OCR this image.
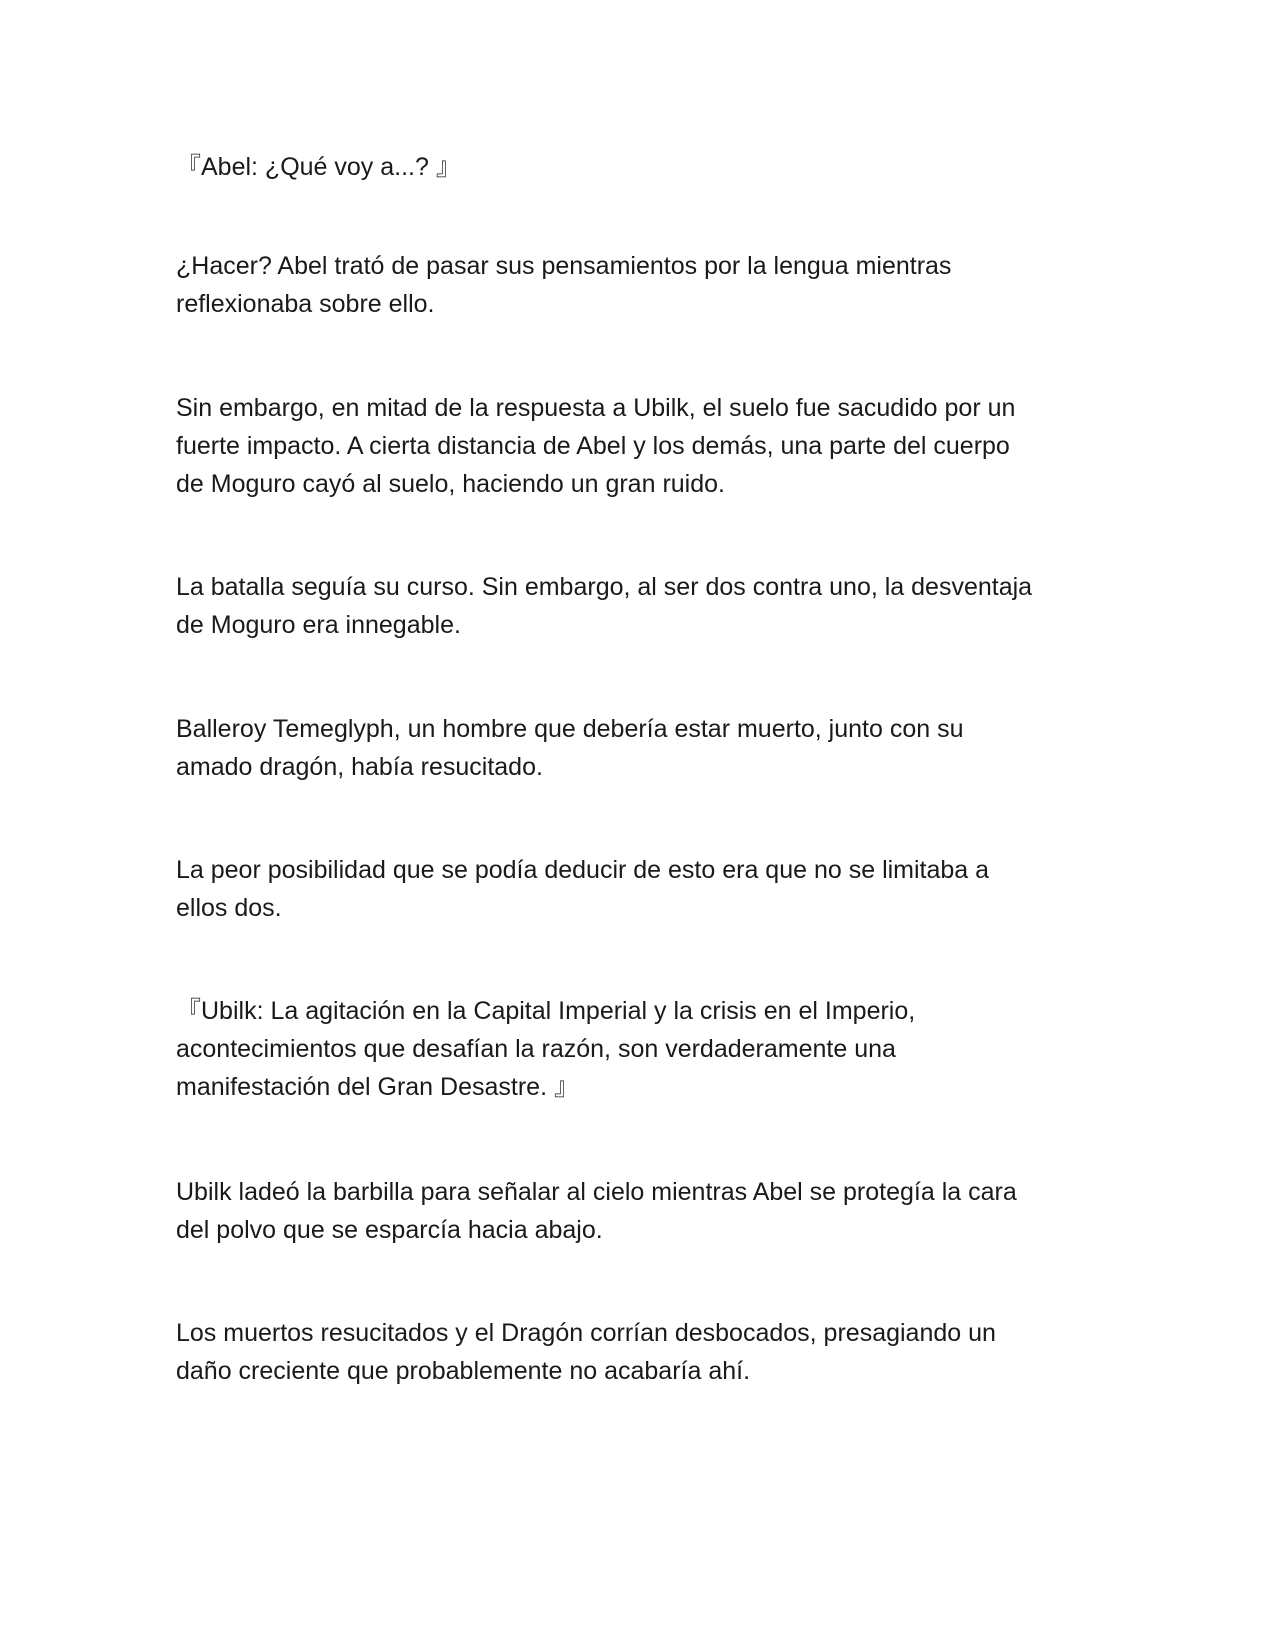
『Abel: ¿Qué voy a...? 』

¿Hacer? Abel trató de pasar sus pensamientos por la lengua mientras
reflexionaba sobre ello.

Sin embargo, en mitad de la respuesta a Ubilk, el suelo fue sacudido por un
fuerte impacto. A cierta distancia de Abel y los demás, una parte del cuerpo
de Moguro cayó al suelo, haciendo un gran ruido.

La batalla seguía su curso. Sin embargo, al ser dos contra uno, la desventaja
de Moguro era innegable.

Balleroy Temeglyph, un hombre que debería estar muerto, junto con su
amado dragón, había resucitado.

La peor posibilidad que se podía deducir de esto era que no se limitaba a
ellos dos.

『Ubilk: La agitación en la Capital Imperial y la crisis en el Imperio,
acontecimientos que desafían la razón, son verdaderamente una
manifestación del Gran Desastre. 』

Ubilk ladeó la barbilla para señalar al cielo mientras Abel se protegía la cara
del polvo que se esparcía hacia abajo.

Los muertos resucitados y el Dragón corrían desbocados, presagiando un
daño creciente que probablemente no acabaría ahí.
